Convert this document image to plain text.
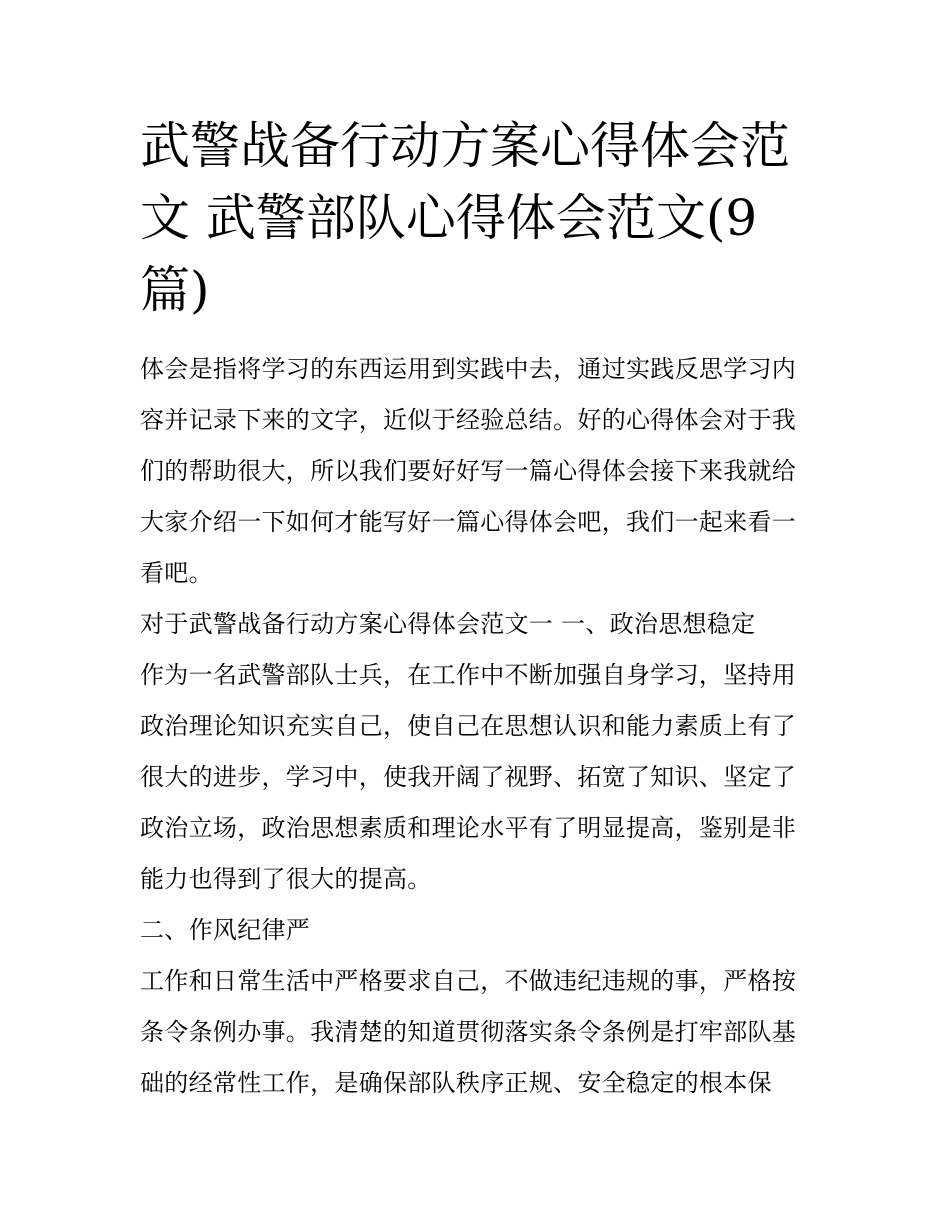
武警战备行动方案心得体会范文 武警部队心得体会范文(9篇)

体会是指将学习的东西运用到实践中去，通过实践反思学习内容并记录下来的文字，近似于经验总结。好的心得体会对于我们的帮助很大，所以我们要好好写一篇心得体会接下来我就给大家介绍一下如何才能写好一篇心得体会吧，我们一起来看一看吧。

对于武警战备行动方案心得体会范文一 一、政治思想稳定

作为一名武警部队士兵，在工作中不断加强自身学习，坚持用政治理论知识充实自己，使自己在思想认识和能力素质上有了很大的进步，学习中，使我开阔了视野、拓宽了知识、坚定了政治立场，政治思想素质和理论水平有了明显提高，鉴别是非能力也得到了很大的提高。

二、作风纪律严

工作和日常生活中严格要求自己，不做违纪违规的事，严格按条令条例办事。我清楚的知道贯彻落实条令条例是打牢部队基础的经常性工作，是确保部队秩序正规、安全稳定的根本保
